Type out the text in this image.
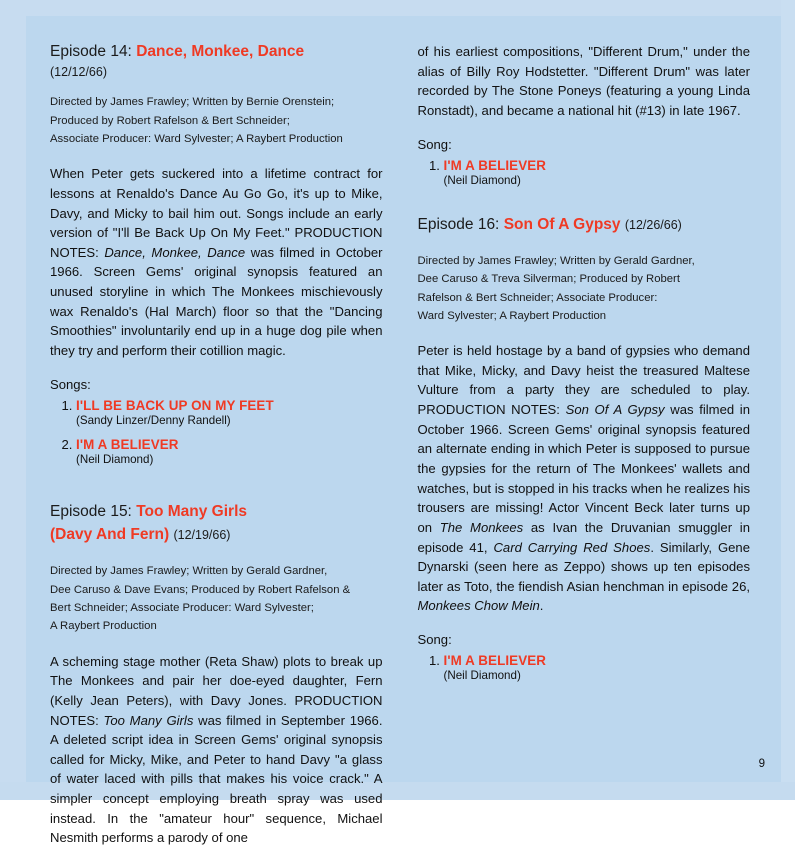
Episode 14: Dance, Monkee, Dance

(12/12/66)

Directed by James Frawley; Written by Bernie Orenstein;
Produced by Robert Rafelson & Bert Schneider;
Associate Producer: Ward Sylvester; A Raybert Production

When Peter gets suckered into a lifetime contract for lessons at Renaldo's Dance Au Go Go, it's up to Mike, Davy, and Micky to bail him out. Songs include an early version of "I'll Be Back Up On My Feet." PRODUCTION NOTES: Dance, Monkee, Dance was filmed in October 1966. Screen Gems' original synopsis featured an unused storyline in which The Monkees mischievously wax Renaldo's (Hal March) floor so that the "Dancing Smoothies" involuntarily end up in a huge dog pile when they try and perform their cotillion magic.

Songs:

1. I'LL BE BACK UP ON MY FEET
(Sandy Linzer/Denny Randell)
2. I'M A BELIEVER
(Neil Diamond)

Episode 15: Too Many Girls

(Davy And Fern) (12/19/66)

Directed by James Frawley; Written by Gerald Gardner,
Dee Caruso & Dave Evans; Produced by Robert Rafelson &
Bert Schneider; Associate Producer: Ward Sylvester;
A Raybert Production

A scheming stage mother (Reta Shaw) plots to break up The Monkees and pair her doe-eyed daughter, Fern (Kelly Jean Peters), with Davy Jones. PRODUCTION NOTES: Too Many Girls was filmed in September 1966. A deleted script idea in Screen Gems' original synopsis called for Micky, Mike, and Peter to hand Davy "a glass of water laced with pills that makes his voice crack." A simpler concept employing breath spray was used instead. In the "amateur hour" sequence, Michael Nesmith performs a parody of one

of his earliest compositions, "Different Drum," under the alias of Billy Roy Hodstetter. "Different Drum" was later recorded by The Stone Poneys (featuring a young Linda Ronstadt), and became a national hit (#13) in late 1967.

Song:

1. I'M A BELIEVER
(Neil Diamond)

Episode 16: Son Of A Gypsy (12/26/66)

Directed by James Frawley; Written by Gerald Gardner,
Dee Caruso & Treva Silverman; Produced by Robert
Rafelson & Bert Schneider; Associate Producer:
Ward Sylvester; A Raybert Production

Peter is held hostage by a band of gypsies who demand that Mike, Micky, and Davy heist the treasured Maltese Vulture from a party they are scheduled to play. PRODUCTION NOTES: Son Of A Gypsy was filmed in October 1966. Screen Gems' original synopsis featured an alternate ending in which Peter is supposed to pursue the gypsies for the return of The Monkees' wallets and watches, but is stopped in his tracks when he realizes his trousers are missing! Actor Vincent Beck later turns up on The Monkees as Ivan the Druvanian smuggler in episode 41, Card Carrying Red Shoes. Similarly, Gene Dynarski (seen here as Zeppo) shows up ten episodes later as Toto, the fiendish Asian henchman in episode 26, Monkees Chow Mein.

Song:

1. I'M A BELIEVER
(Neil Diamond)
9
